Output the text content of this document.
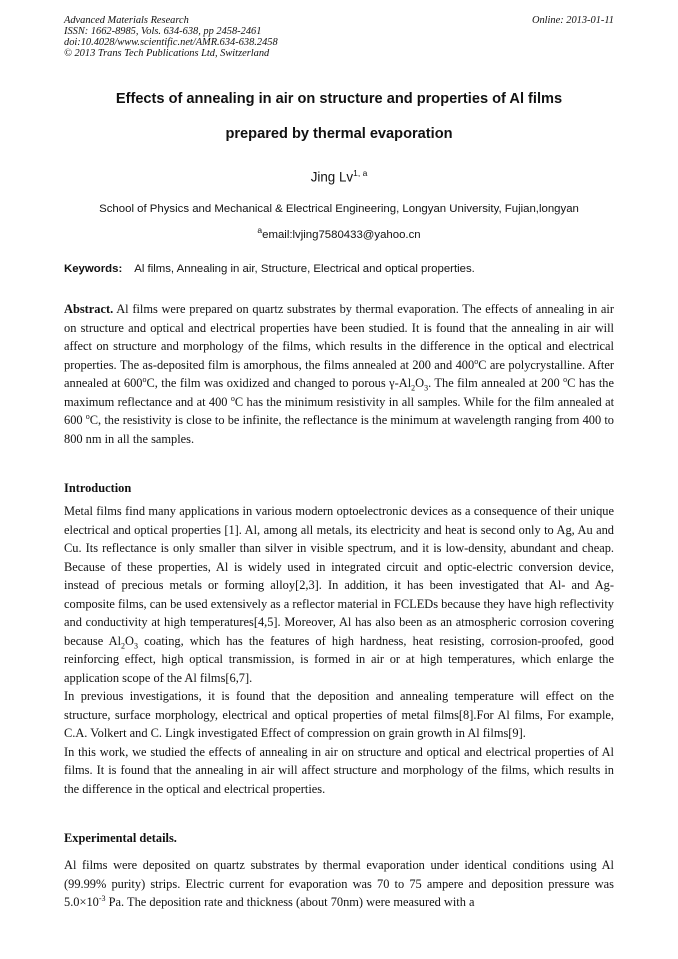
Advanced Materials Research
ISSN: 1662-8985, Vols. 634-638, pp 2458-2461
doi:10.4028/www.scientific.net/AMR.634-638.2458
© 2013 Trans Tech Publications Ltd, Switzerland
Online: 2013-01-11
Effects of annealing in air on structure and properties of Al films
prepared by thermal evaporation
Jing Lv$^{1, a}$
School of Physics and Mechanical & Electrical Engineering, Longyan University, Fujian,longyan
$^a$email:lvjing7580433@yahoo.cn
Keywords: Al films, Annealing in air, Structure, Electrical and optical properties.

Abstract. Al films were prepared on quartz substrates by thermal evaporation. The effects of annealing in air on structure and optical and electrical properties have been studied. It is found that the annealing in air will affect on structure and morphology of the films, which results in the difference in the optical and electrical properties. The as-deposited film is amorphous, the films annealed at 200 and 400$^o$C are polycrystalline. After annealed at 600$^o$C, the film was oxidized and changed to porous $\gamma-Al_2O_3$. The film annealed at 200 $^o$C has the maximum reflectance and at 400 $^o$C has the minimum resistivity in all samples. While for the film annealed at 600 $^o$C, the resistivity is close to be infinite, the reflectance is the minimum at wavelength ranging from 400 to 800 nm in all the samples.

Introduction

Metal films find many applications in various modern optoelectronic devices as a consequence of their unique electrical and optical properties [1]. Al, among all metals, its electricity and heat is second only to Ag, Au and Cu. Its reflectance is only smaller than silver in visible spectrum, and it is low-density, abundant and cheap. Because of these properties, Al is widely used in integrated circuit and optic-electric conversion device, instead of precious metals or forming alloy[2,3]. In addition, it has been investigated that Al- and Ag- composite films, can be used extensively as a reflector material in FCLEDs because they have high reflectivity and conductivity at high temperatures[4,5]. Moreover, Al has also been as an atmospheric corrosion covering because $Al_2O_3$ coating, which has the features of high hardness, heat resisting, corrosion-proofed, good reinforcing effect, high optical transmission, is formed in air or at high temperatures, which enlarge the application scope of the Al films[6,7].

In previous investigations, it is found that the deposition and annealing temperature will effect on the structure, surface morphology, electrical and optical properties of metal films[8].For Al films, For example, C.A. Volkert and C. Lingk investigated Effect of compression on grain growth in Al films[9].

In this work, we studied the effects of annealing in air on structure and optical and electrical properties of Al films. It is found that the annealing in air will affect structure and morphology of the films, which results in the difference in the optical and electrical properties.

Experimental details.

Al films were deposited on quartz substrates by thermal evaporation under identical conditions using Al (99.99% purity) strips. Electric current for evaporation was 70 to 75 ampere and deposition pressure was $5.0\times 10^{-3}$ Pa. The deposition rate and thickness (about 70nm) were measured with a
